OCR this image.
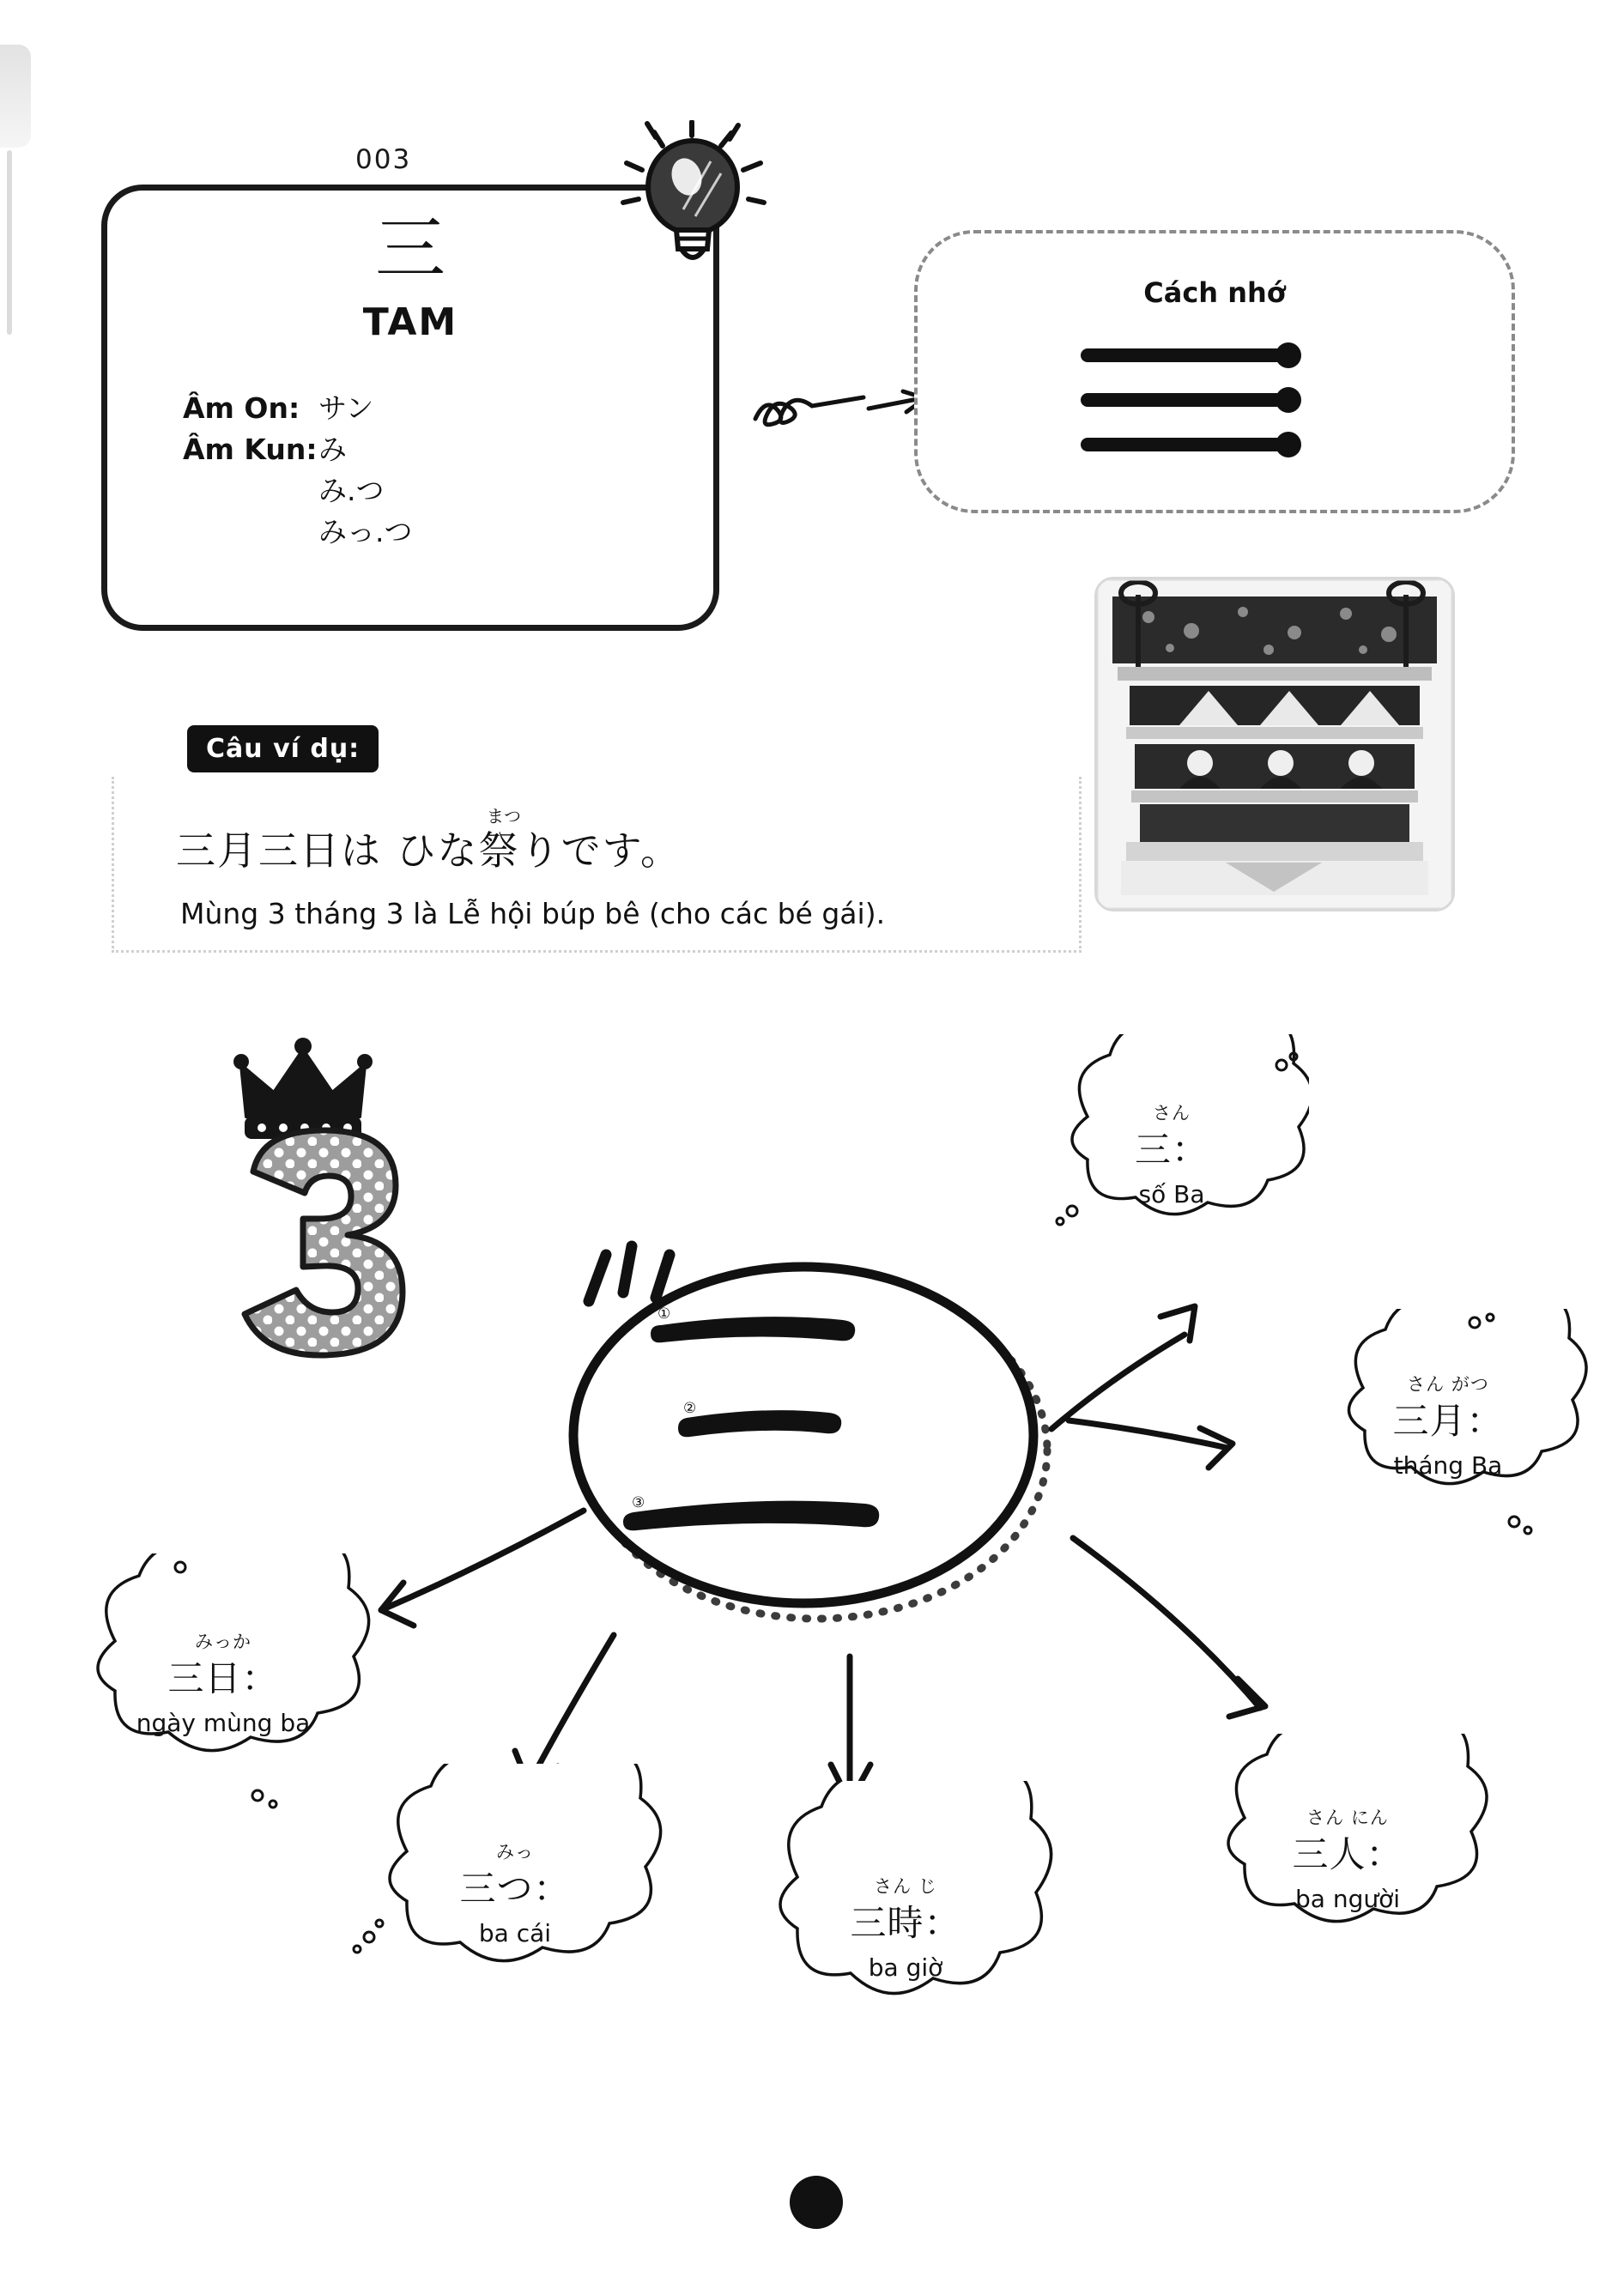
三
TAM
Âm On: サン
Âm Kun: み
み.つ
みっ.つ
003
Cách nhớ
Câu ví dụ:
まつ
三月三日は ひな祭りです。
Mùng 3 tháng 3 là Lễ hội búp bê (cho các bé gái).
①
②
③
さん
三：
số Ba
さん がつ
三月：
tháng Ba
みっか
三日：
ngày mùng ba
みっ
三つ：
ba cái
さん じ
三時：
ba giờ
さん にん
三人：
ba người
